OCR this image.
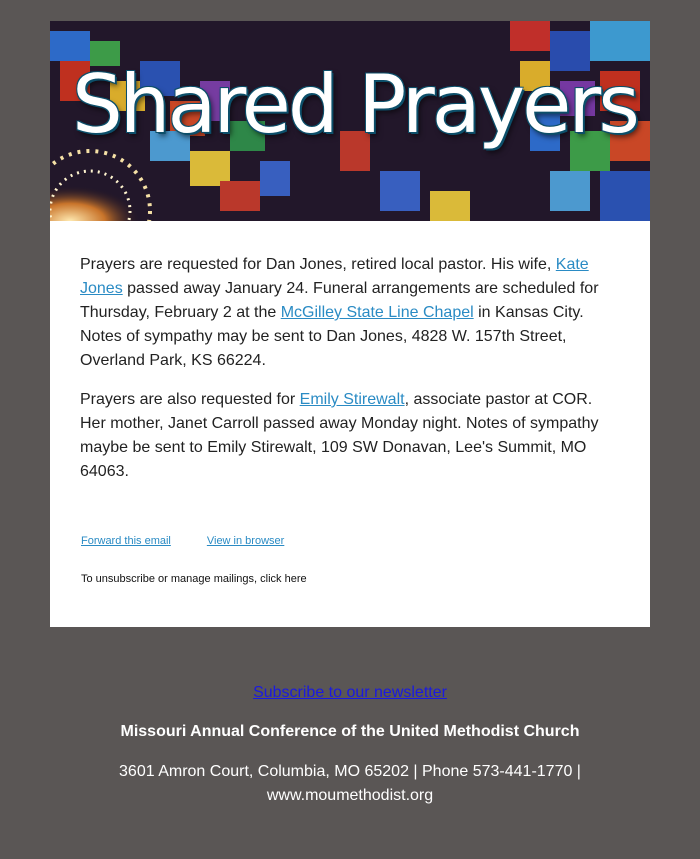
Shared Prayers

Prayers are requested for Dan Jones, retired local pastor. His wife, Kate Jones passed away January 24. Funeral arrangements are scheduled for Thursday, February 2 at the McGilley State Line Chapel in Kansas City. Notes of sympathy may be sent to Dan Jones, 4828 W. 157th Street, Overland Park, KS 66224.

Prayers are also requested for Emily Stirewalt, associate pastor at COR. Her mother, Janet Carroll passed away Monday night. Notes of sympathy maybe be sent to Emily Stirewalt, 109 SW Donavan, Lee's Summit, MO 64063.

Forward this email	View in browser
To unsubscribe or manage mailings, click here
Subscribe to our newsletter
Missouri Annual Conference of the United Methodist Church
3601 Amron Court, Columbia, MO 65202 | Phone 573-441-1770 |
www.moumethodist.org
